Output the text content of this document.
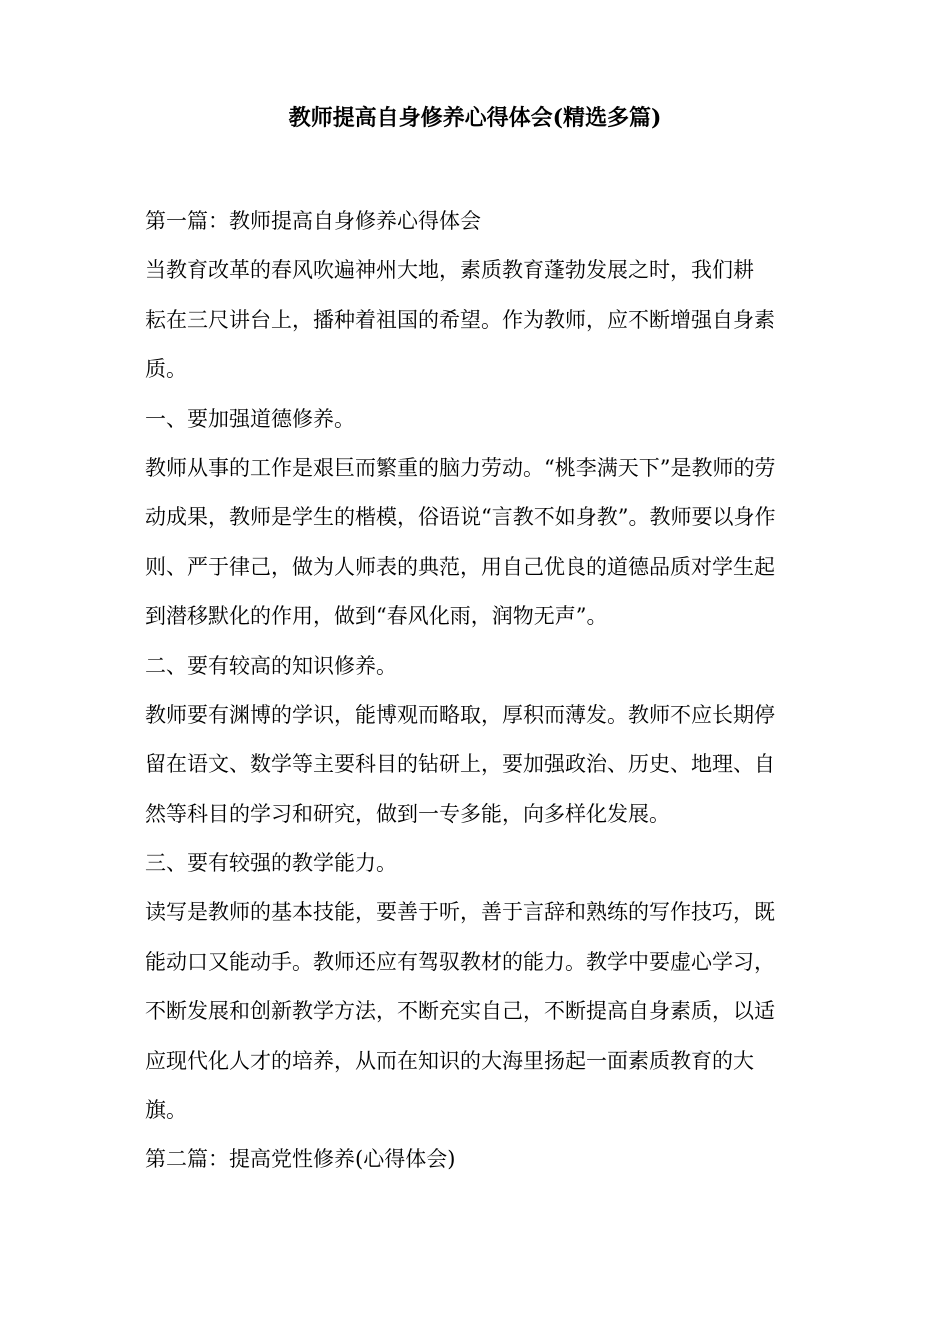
教师提高自身修养心得体会(精选多篇)
第一篇：教师提高自身修养心得体会
当教育改革的春风吹遍神州大地，素质教育蓬勃发展之时，我们耕
耘在三尺讲台上，播种着祖国的希望。作为教师，应不断增强自身素
质。
一、要加强道德修养。
教师从事的工作是艰巨而繁重的脑力劳动。“桃李满天下”是教师的劳
动成果，教师是学生的楷模，俗语说“言教不如身教”。教师要以身作
则、严于律己，做为人师表的典范，用自己优良的道德品质对学生起
到潜移默化的作用，做到“春风化雨，润物无声”。
二、要有较高的知识修养。
教师要有渊博的学识，能博观而略取，厚积而薄发。教师不应长期停
留在语文、数学等主要科目的钻研上，要加强政治、历史、地理、自
然等科目的学习和研究，做到一专多能，向多样化发展。
三、要有较强的教学能力。
读写是教师的基本技能，要善于听，善于言辞和熟练的写作技巧，既
能动口又能动手。教师还应有驾驭教材的能力。教学中要虚心学习，
不断发展和创新教学方法，不断充实自己，不断提高自身素质，以适
应现代化人才的培养，从而在知识的大海里扬起一面素质教育的大
旗。
第二篇：提高党性修养(心得体会)
